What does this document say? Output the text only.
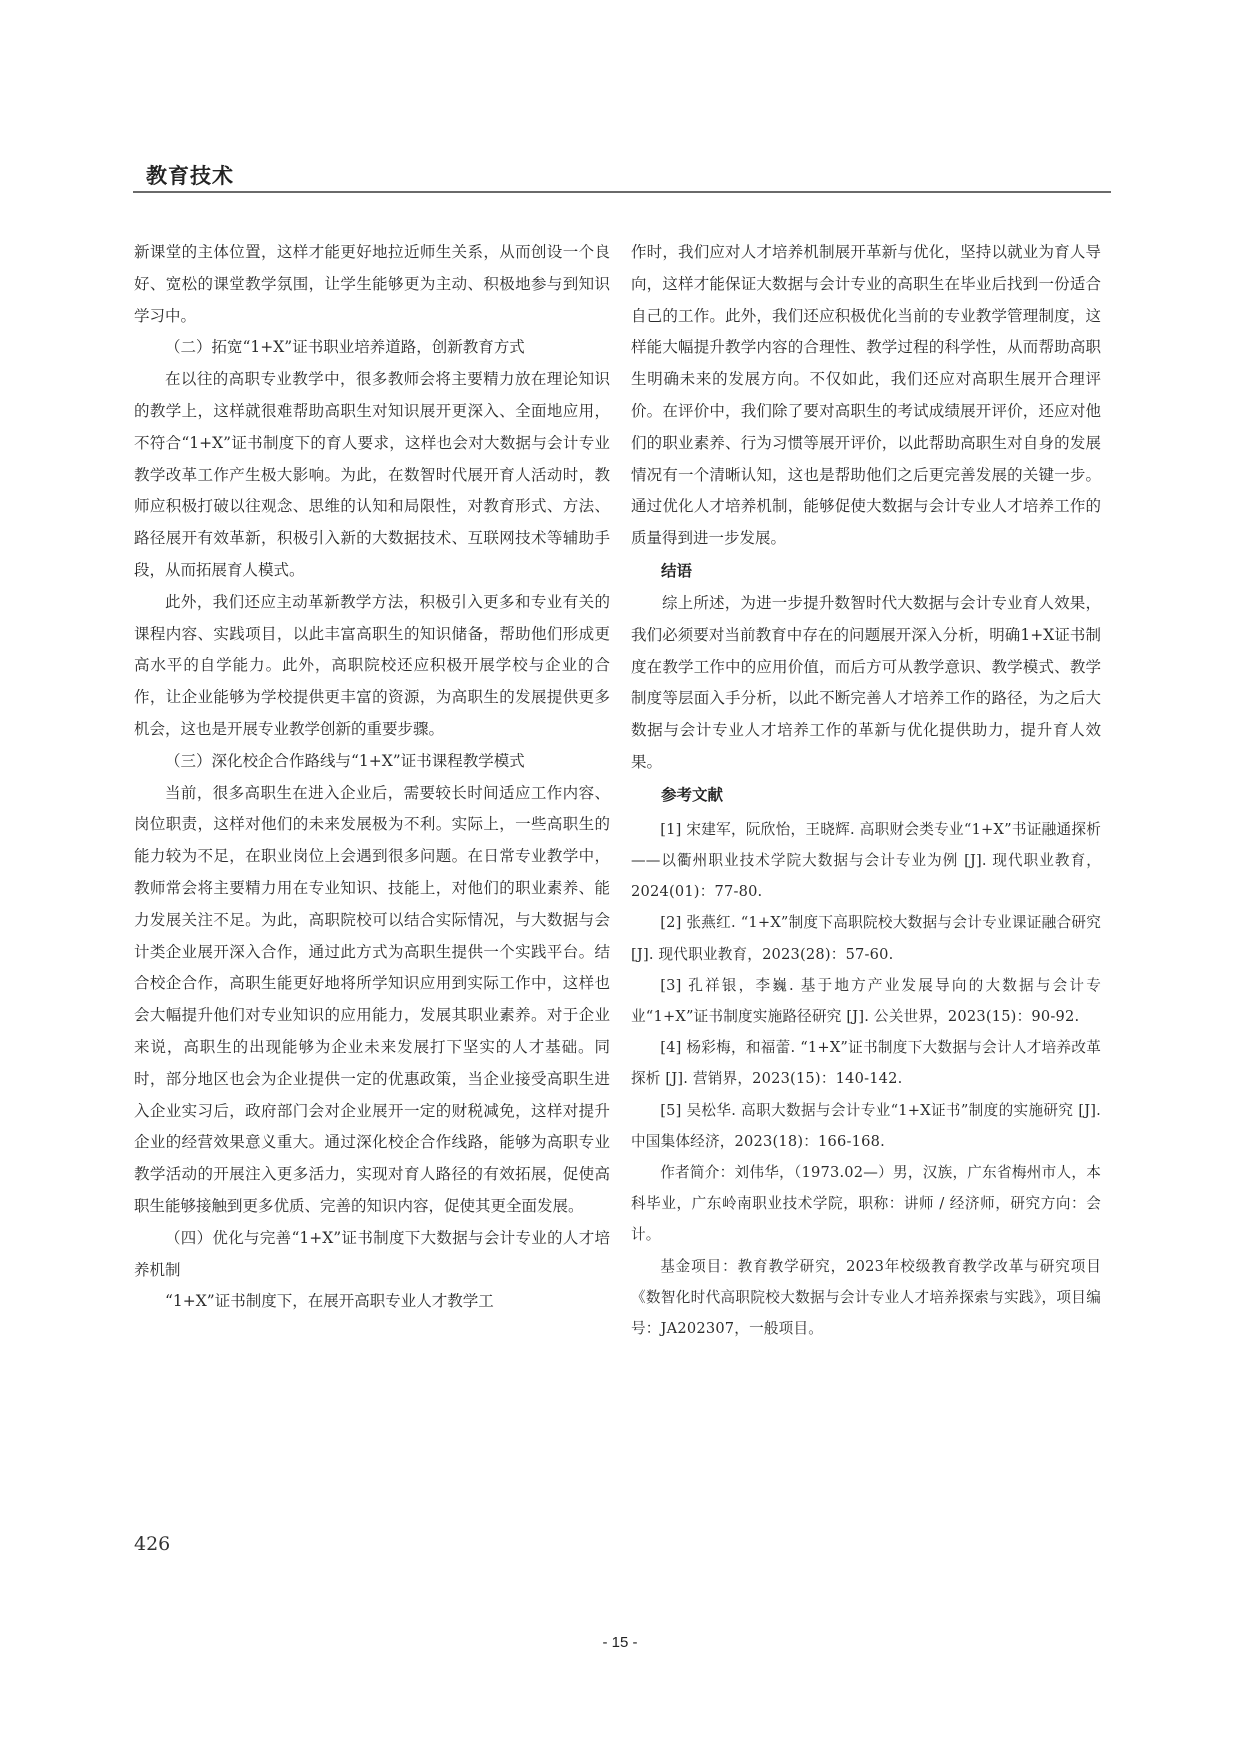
教育技术

新课堂的主体位置，这样才能更好地拉近师生关系，从而创设一个良好、宽松的课堂教学氛围，让学生能够更为主动、积极地参与到知识学习中。

（二）拓宽“1+X”证书职业培养道路，创新教育方式

在以往的高职专业教学中，很多教师会将主要精力放在理论知识的教学上，这样就很难帮助高职生对知识展开更深入、全面地应用，不符合“1+X”证书制度下的育人要求，这样也会对大数据与会计专业教学改革工作产生极大影响。为此，在数智时代展开育人活动时，教师应积极打破以往观念、思维的认知和局限性，对教育形式、方法、路径展开有效革新，积极引入新的大数据技术、互联网技术等辅助手段，从而拓展育人模式。

此外，我们还应主动革新教学方法，积极引入更多和专业有关的课程内容、实践项目，以此丰富高职生的知识储备，帮助他们形成更高水平的自学能力。此外，高职院校还应积极开展学校与企业的合作，让企业能够为学校提供更丰富的资源，为高职生的发展提供更多机会，这也是开展专业教学创新的重要步骤。

（三）深化校企合作路线与“1+X”证书课程教学模式

当前，很多高职生在进入企业后，需要较长时间适应工作内容、岗位职责，这样对他们的未来发展极为不利。实际上，一些高职生的能力较为不足，在职业岗位上会遇到很多问题。在日常专业教学中，教师常会将主要精力用在专业知识、技能上，对他们的职业素养、能力发展关注不足。为此，高职院校可以结合实际情况，与大数据与会计类企业展开深入合作，通过此方式为高职生提供一个实践平台。结合校企合作，高职生能更好地将所学知识应用到实际工作中，这样也会大幅提升他们对专业知识的应用能力，发展其职业素养。对于企业来说，高职生的出现能够为企业未来发展打下坚实的人才基础。同时，部分地区也会为企业提供一定的优惠政策，当企业接受高职生进入企业实习后，政府部门会对企业展开一定的财税减免，这样对提升企业的经营效果意义重大。通过深化校企合作线路，能够为高职专业教学活动的开展注入更多活力，实现对育人路径的有效拓展，促使高职生能够接触到更多优质、完善的知识内容，促使其更全面发展。

（四）优化与完善“1+X”证书制度下大数据与会计专业的人才培养机制

“1+X”证书制度下，在展开高职专业人才教学工

作时，我们应对人才培养机制展开革新与优化，坚持以就业为育人导向，这样才能保证大数据与会计专业的高职生在毕业后找到一份适合自己的工作。此外，我们还应积极优化当前的专业教学管理制度，这样能大幅提升教学内容的合理性、教学过程的科学性，从而帮助高职生明确未来的发展方向。不仅如此，我们还应对高职生展开合理评价。在评价中，我们除了要对高职生的考试成绩展开评价，还应对他们的职业素养、行为习惯等展开评价，以此帮助高职生对自身的发展情况有一个清晰认知，这也是帮助他们之后更完善发展的关键一步。通过优化人才培养机制，能够促使大数据与会计专业人才培养工作的质量得到进一步发展。

结语

综上所述，为进一步提升数智时代大数据与会计专业育人效果，我们必须要对当前教育中存在的问题展开深入分析，明确1+X证书制度在教学工作中的应用价值，而后方可从教学意识、教学模式、教学制度等层面入手分析，以此不断完善人才培养工作的路径，为之后大数据与会计专业人才培养工作的革新与优化提供助力，提升育人效果。

参考文献

[1] 宋建军，阮欣怡，王晓辉. 高职财会类专业“1+X”书证融通探析——以衢州职业技术学院大数据与会计专业为例 [J]. 现代职业教育，2024(01)：77-80.

[2] 张燕红. “1+X”制度下高职院校大数据与会计专业课证融合研究 [J]. 现代职业教育，2023(28)：57-60.

[3] 孔祥银，李巍. 基于地方产业发展导向的大数据与会计专业“1+X”证书制度实施路径研究 [J]. 公关世界，2023(15)：90-92.

[4] 杨彩梅，和福蕾. “1+X”证书制度下大数据与会计人才培养改革探析 [J]. 营销界，2023(15)：140-142.

[5] 吴松华. 高职大数据与会计专业“1+X证书”制度的实施研究 [J]. 中国集体经济，2023(18)：166-168.

作者简介：刘伟华，（1973.02—）男，汉族，广东省梅州市人，本科毕业，广东岭南职业技术学院，职称：讲师 / 经济师，研究方向：会计。

基金项目：教育教学研究，2023年校级教育教学改革与研究项目《数智化时代高职院校大数据与会计专业人才培养探索与实践》，项目编号：JA202307，一般项目。

426
- 15 -
